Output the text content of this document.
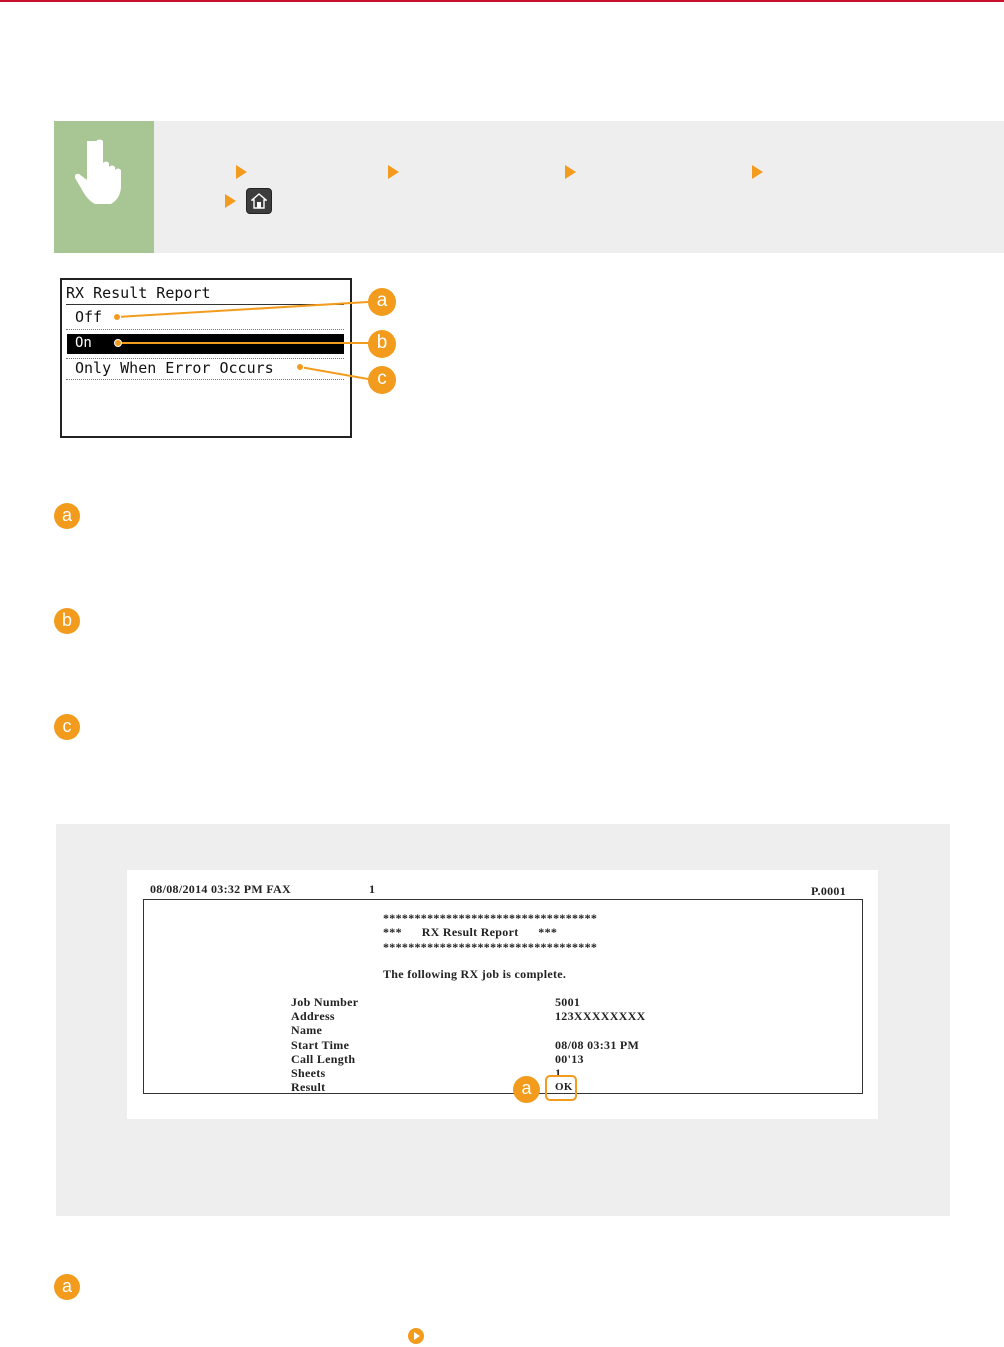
RX Result Report
Off
On
Only When Error Occurs
a
b
c
a
b
c
08/08/2014 03:32 PM FAX	1	P.0001
**********************************
***      RX Result Report      ***
**********************************
The following RX job is complete.
Job Number	5001
Address	123XXXXXXXX
Name
Start Time	08/08 03:31 PM
Call Length	00'13
Sheets	1
Result	OK
a
a
